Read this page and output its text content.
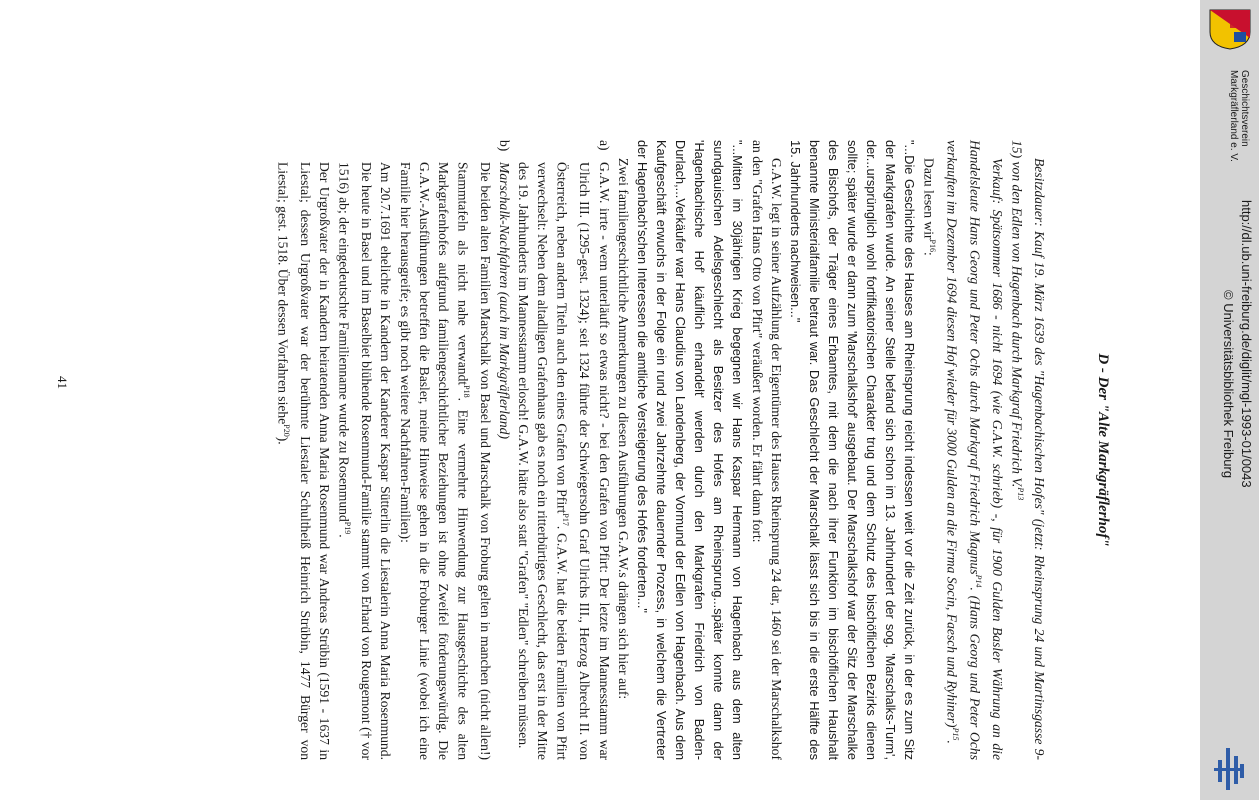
D - Der "Alte Markgräflerhof"

Besitzdauer: Kauf 19. März 1639 des "Hagenbachischen Hofes" (jetzt: Rheinsprung 24 und Martinsgasse 9-15) von den Edlen von Hagenbach durch Markgraf Friedrich V.$^{P13}$

Verkauf: Spätsommer 1686 - nicht 1694 (wie G.A.W. schrieb) -, für 1900 Gulden Basler Währung an die Handelsleute Hans Georg und Peter Ochs durch Markgraf Friedrich Magnus$^{P14}$. (Hans Georg und Peter Ochs verkauften im Dezember 1694 diesen Hof wieder für 3000 Gulden an die Firma Socin, Faesch und Ryhiner)$^{P15}$.

Dazu lesen wir$^{P16}$:

"...Die Geschichte des Hauses am Rheinsprung reicht indessen weit vor die Zeit zurück, in der es zum Sitz der Markgrafen wurde. An seiner Stelle befand sich schon im 13. Jahrhundert der sog. 'Marschalks-Turm', der...ursprünglich wohl fortifikatorischen Charakter trug und dem Schutz des bischöflichen Bezirks dienen sollte; später wurde er dann zum 'Marschalkshof' ausgebaut. Der Marschalkshof war der Sitz der Marschalke des Bischofs, der Träger eines Erbamtes, mit dem die nach ihrer Funktion im bischöflichen Haushalt benannte Ministerialfamilie betraut war. Das Geschlecht der Marschalk lässt sich bis in die erste Hälfte des 15. Jahrhunderts nachweisen..."

G.A.W. legt in seiner Aufzählung der Eigentümer des Hauses Rheinsprung 24 dar, 1460 sei der Marschalkshof an den "Grafen Hans Otto von Pfirt" veräußert worden. Er fährt dann fort:

"...Mitten im 30jährigen Krieg begegnen wir Hans Kaspar Hermann von Hagenbach aus dem alten sundgauischen Adelsgeschlecht als Besitzer des Hofes am Rheinsprung...später konnte dann der 'Hagenbachische Hof' käuflich erhandelt' werden durch den Markgrafen Friedrich von Baden-Durlach,...Verkäufer war Hans Claudius von Landenberg, der Vormund der Edlen von Hagenbach. Aus dem Kaufgeschäft erwuchs in der Folge ein rund zwei Jahrzehnte dauernder Prozess, in welchem die Vertreter der Hagenbach'schen Interessen die amtliche Versteigerung des Hofes forderten..."

Zwei familiengeschichtliche Anmerkungen zu diesen Ausführungen G.A.W.s drängen sich hier auf:

a)
G.A.W. irrte - wem unterläuft so etwas nicht? - bei den Grafen von Pfirt: Der letzte im Mannesstamm war Ulrich III. (1295-gest. 1324); seit 1324 führte der Schwiegersohn Graf Ulrichs III., Herzog Albrecht II. von Österreich, neben andern Titeln auch den eines Grafen von Pfirt$^{P17}$. G.A.W. hat die beiden Familien von Pfirt verwechselt: Neben dem altadligen Grafenhaus gab es noch ein ritterbürtiges Geschlecht, das erst in der Mitte des 19. Jahrhunderts im Mannesstamm erlosch! G.A.W. hätte also statt "Grafen" "Edlen" schreiben müssen.
b)
Marschalk-Nachfahren (auch im Markgräflerland)

Die beiden alten Familien Marschalk von Basel und Marschalk von Froburg gelten in manchen (nicht allen!) Stammtafeln als nicht nahe verwandt$^{P18}$. Eine vermehrte Hinwendung zur Hausgeschichte des alten Markgrafenhofes aufgrund familiengeschichtlicher Beziehungen ist ohne Zweifel förderungswürdig. Die G.A.W.-Ausführungen betreffen die Basler, meine Hinweise gehen in die Froburger Linie (wobei ich eine Familie hier herausgreife; es gibt noch weitere Nachfahren-Familien):

Am 20.7.1691 ehelichte in Kandern der Kanderer Kaspar Sütterlin die Liestalerin Anna Maria Rosenmund. Die heute in Basel und im Baselbiet blühende Rosenmund-Familie stammt von Erhard von Rougemont († vor 1516) ab; der eingedeutschte Familienname wurde zu Rosenmund$^{P19}$.

Der Urgroßvater der in Kandern heiratenden Anna Maria Rosenmund war Andreas Strübin (1591 - 1637 in Liestal; dessen Urgroßvater war der berühmte Liestaler Schultheiß Heinrich Strübin, 1477 Bürger von Liestal; gest. 1518. Über dessen Vorfahren siehe$^{P20}$).

41
Geschichtsverein
Markgräflerland e. V.
http://dl.ub.uni-freiburg.de/diglit/mgl-1993-01/0043
© Universitätsbibliothek Freiburg
